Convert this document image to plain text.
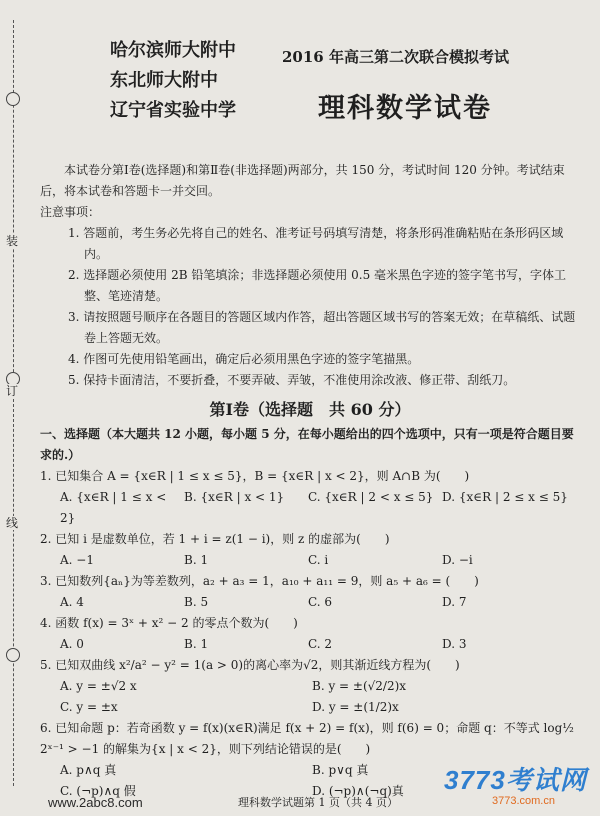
装
订
线
哈尔滨师大附中
东北师大附中
辽宁省实验中学
2016 年高三第二次联合模拟考试
理科数学试卷
本试卷分第Ⅰ卷(选择题)和第Ⅱ卷(非选择题)两部分，共 150 分，考试时间 120 分钟。考试结束后，将本试卷和答题卡一并交回。
注意事项：
1. 答题前，考生务必先将自己的姓名、准考证号码填写清楚，将条形码准确粘贴在条形码区域内。
2. 选择题必须使用 2B 铅笔填涂；非选择题必须使用 0.5 毫米黑色字迹的签字笔书写，字体工整、笔迹清楚。
3. 请按照题号顺序在各题目的答题区域内作答，超出答题区域书写的答案无效；在草稿纸、试题卷上答题无效。
4. 作图可先使用铅笔画出，确定后必须用黑色字迹的签字笔描黑。
5. 保持卡面清洁，不要折叠，不要弄破、弄皱，不准使用涂改液、修正带、刮纸刀。
第Ⅰ卷（选择题　共 60 分）
一、选择题（本大题共 12 小题，每小题 5 分，在每小题给出的四个选项中，只有一项是符合题目要求的.）
1. 已知集合 A = {x∈R | 1 ≤ x ≤ 5}，B = {x∈R | x < 2}，则 A∩B 为(　　)
A. {x∈R | 1 ≤ x < 2}
B. {x∈R | x < 1}	C. {x∈R | 2 < x ≤ 5} D. {x∈R | 2 ≤ x ≤ 5}
2. 已知 i 是虚数单位，若 1 + i = z(1 − i)，则 z 的虚部为(　　)
A. −1	B. 1	C. i	D. −i
3. 已知数列{aₙ}为等差数列，a₂ + a₃ = 1，a₁₀ + a₁₁ = 9，则 a₅ + a₆ = (　　)
A. 4	B. 5	C. 6	D. 7
4. 函数 f(x) = 3ˣ + x² − 2 的零点个数为(　　)
A. 0	B. 1	C. 2	D. 3
5. 已知双曲线 x²/a² − y² = 1(a > 0)的离心率为√2，则其渐近线方程为(　　)
A. y = ±√2 x	B. y = ±(√2/2)x
C. y = ±x	D. y = ±(1/2)x
6. 已知命题 p：若奇函数 y = f(x)(x∈R)满足 f(x + 2) = f(x)，则 f(6) = 0；命题 q：不等式 log½ 2ˣ⁻¹ > −1 的解集为{x | x < 2}，则下列结论错误的是(　　)
A. p∧q 真	B. p∨q 真
C. (¬p)∧q 假	D. (¬p)∧(¬q)真
www.2abc8.com	理科数学试题第 1 页（共 4 页）
3773考试网
3773.com.cn
